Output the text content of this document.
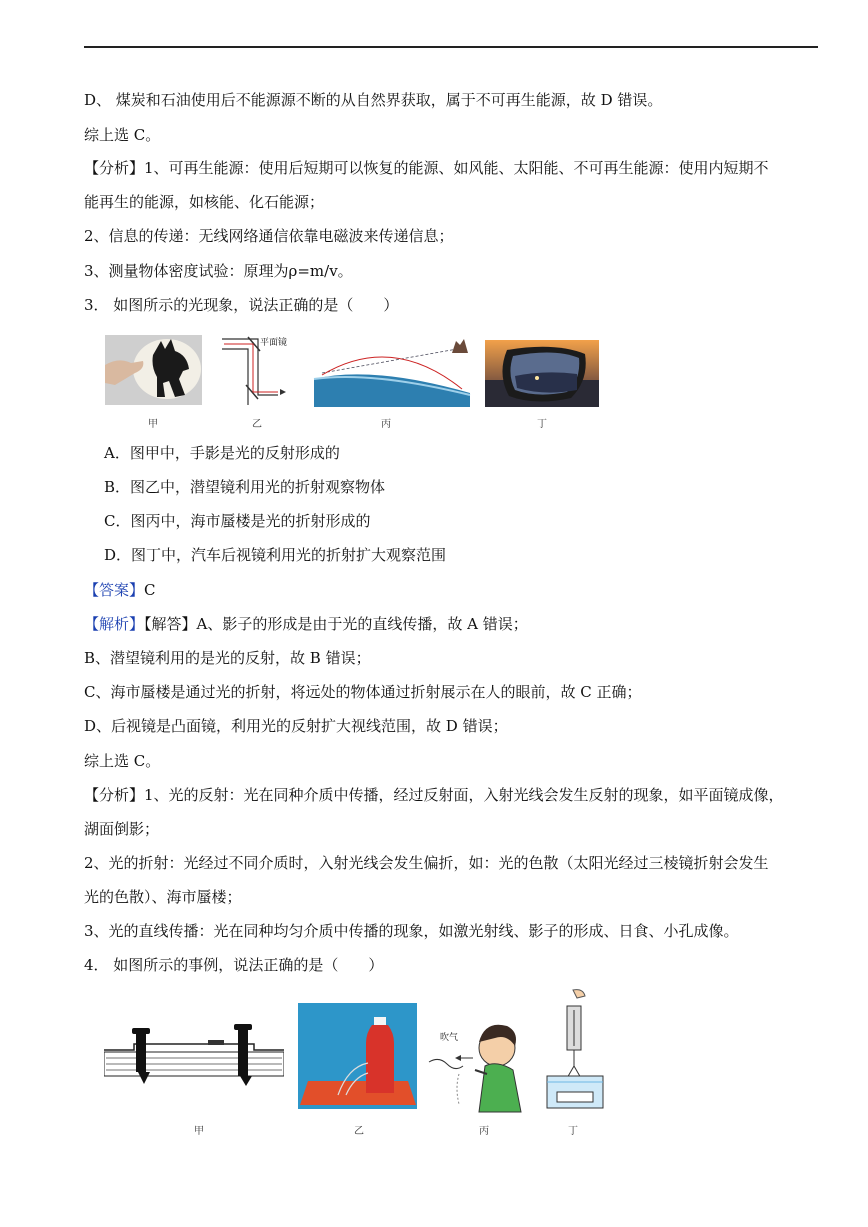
D、 煤炭和石油使用后不能源源不断的从自然界获取，属于不可再生能源，故 D 错误。
综上选 C。
【分析】1、可再生能源：使用后短期可以恢复的能源、如风能、太阳能、不可再生能源：使用内短期不
能再生的能源，如核能、化石能源；
2、信息的传递：无线网络通信依靠电磁波来传递信息；
3、测量物体密度试验：原理为ρ=m/v。
3． 如图所示的光现象，说法正确的是（　　）
平面镜
甲	乙	丙	丁
A．图甲中，手影是光的反射形成的
B．图乙中，潜望镜利用光的折射观察物体
C．图丙中，海市蜃楼是光的折射形成的
D．图丁中，汽车后视镜利用光的折射扩大观察范围
【答案】C
【解析】【解答】A、影子的形成是由于光的直线传播，故 A 错误；
B、潜望镜利用的是光的反射，故 B 错误；
C、海市蜃楼是通过光的折射，将远处的物体通过折射展示在人的眼前，故 C 正确；
D、后视镜是凸面镜，利用光的反射扩大视线范围，故 D 错误；
综上选 C。
【分析】1、光的反射：光在同种介质中传播，经过反射面，入射光线会发生反射的现象，如平面镜成像，
湖面倒影；
2、光的折射：光经过不同介质时，入射光线会发生偏折，如：光的色散（太阳光经过三棱镜折射会发生
光的色散）、海市蜃楼；
3、光的直线传播：光在同种均匀介质中传播的现象，如激光射线、影子的形成、日食、小孔成像。
4． 如图所示的事例，说法正确的是（　　）
吹气
甲	乙	丙	丁
